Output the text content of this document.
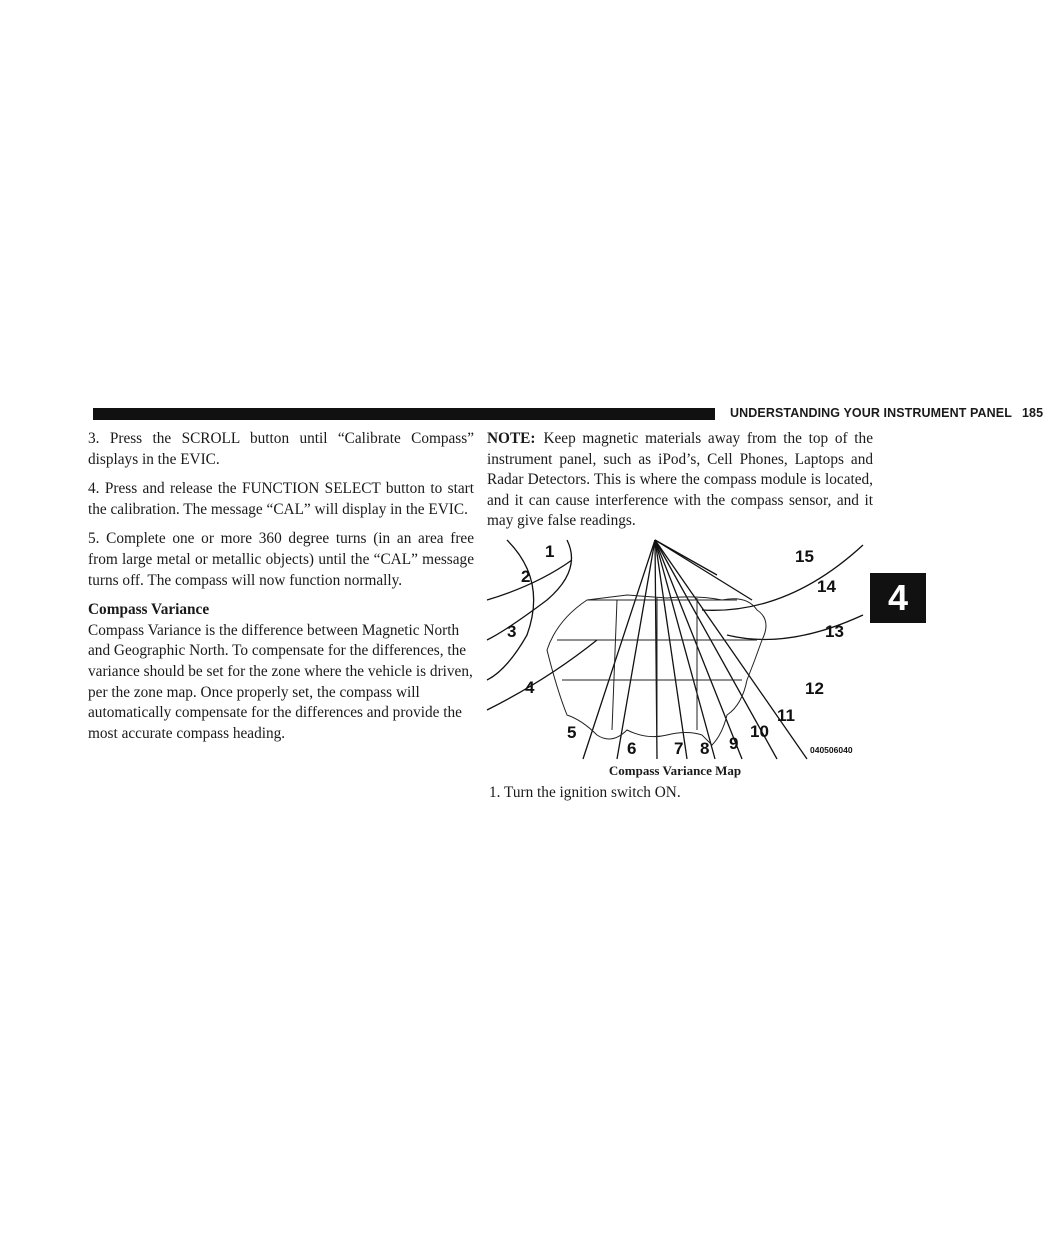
UNDERSTANDING YOUR INSTRUMENT PANEL 185
4

3. Press the SCROLL button until “Calibrate Compass” displays in the EVIC.

4. Press and release the FUNCTION SELECT button to start the calibration. The message “CAL” will display in the EVIC.

5. Complete one or more 360 degree turns (in an area free from large metal or metallic objects) until the “CAL” message turns off. The compass will now function normally.

Compass Variance

Compass Variance is the difference between Magnetic North and Geographic North. To compensate for the differences, the variance should be set for the zone where the vehicle is driven, per the zone map. Once properly set, the compass will automatically compensate for the differences and provide the most accurate compass heading.

NOTE: Keep magnetic materials away from the top of the instrument panel, such as iPod’s, Cell Phones, Laptops and Radar Detectors. This is where the compass module is located, and it can cause interference with the compass sensor, and it may give false readings.

1
2
3
4
5
6 7 8 9
10
11
12
13
14
15
040506040
Compass Variance Map
1. Turn the ignition switch ON.
